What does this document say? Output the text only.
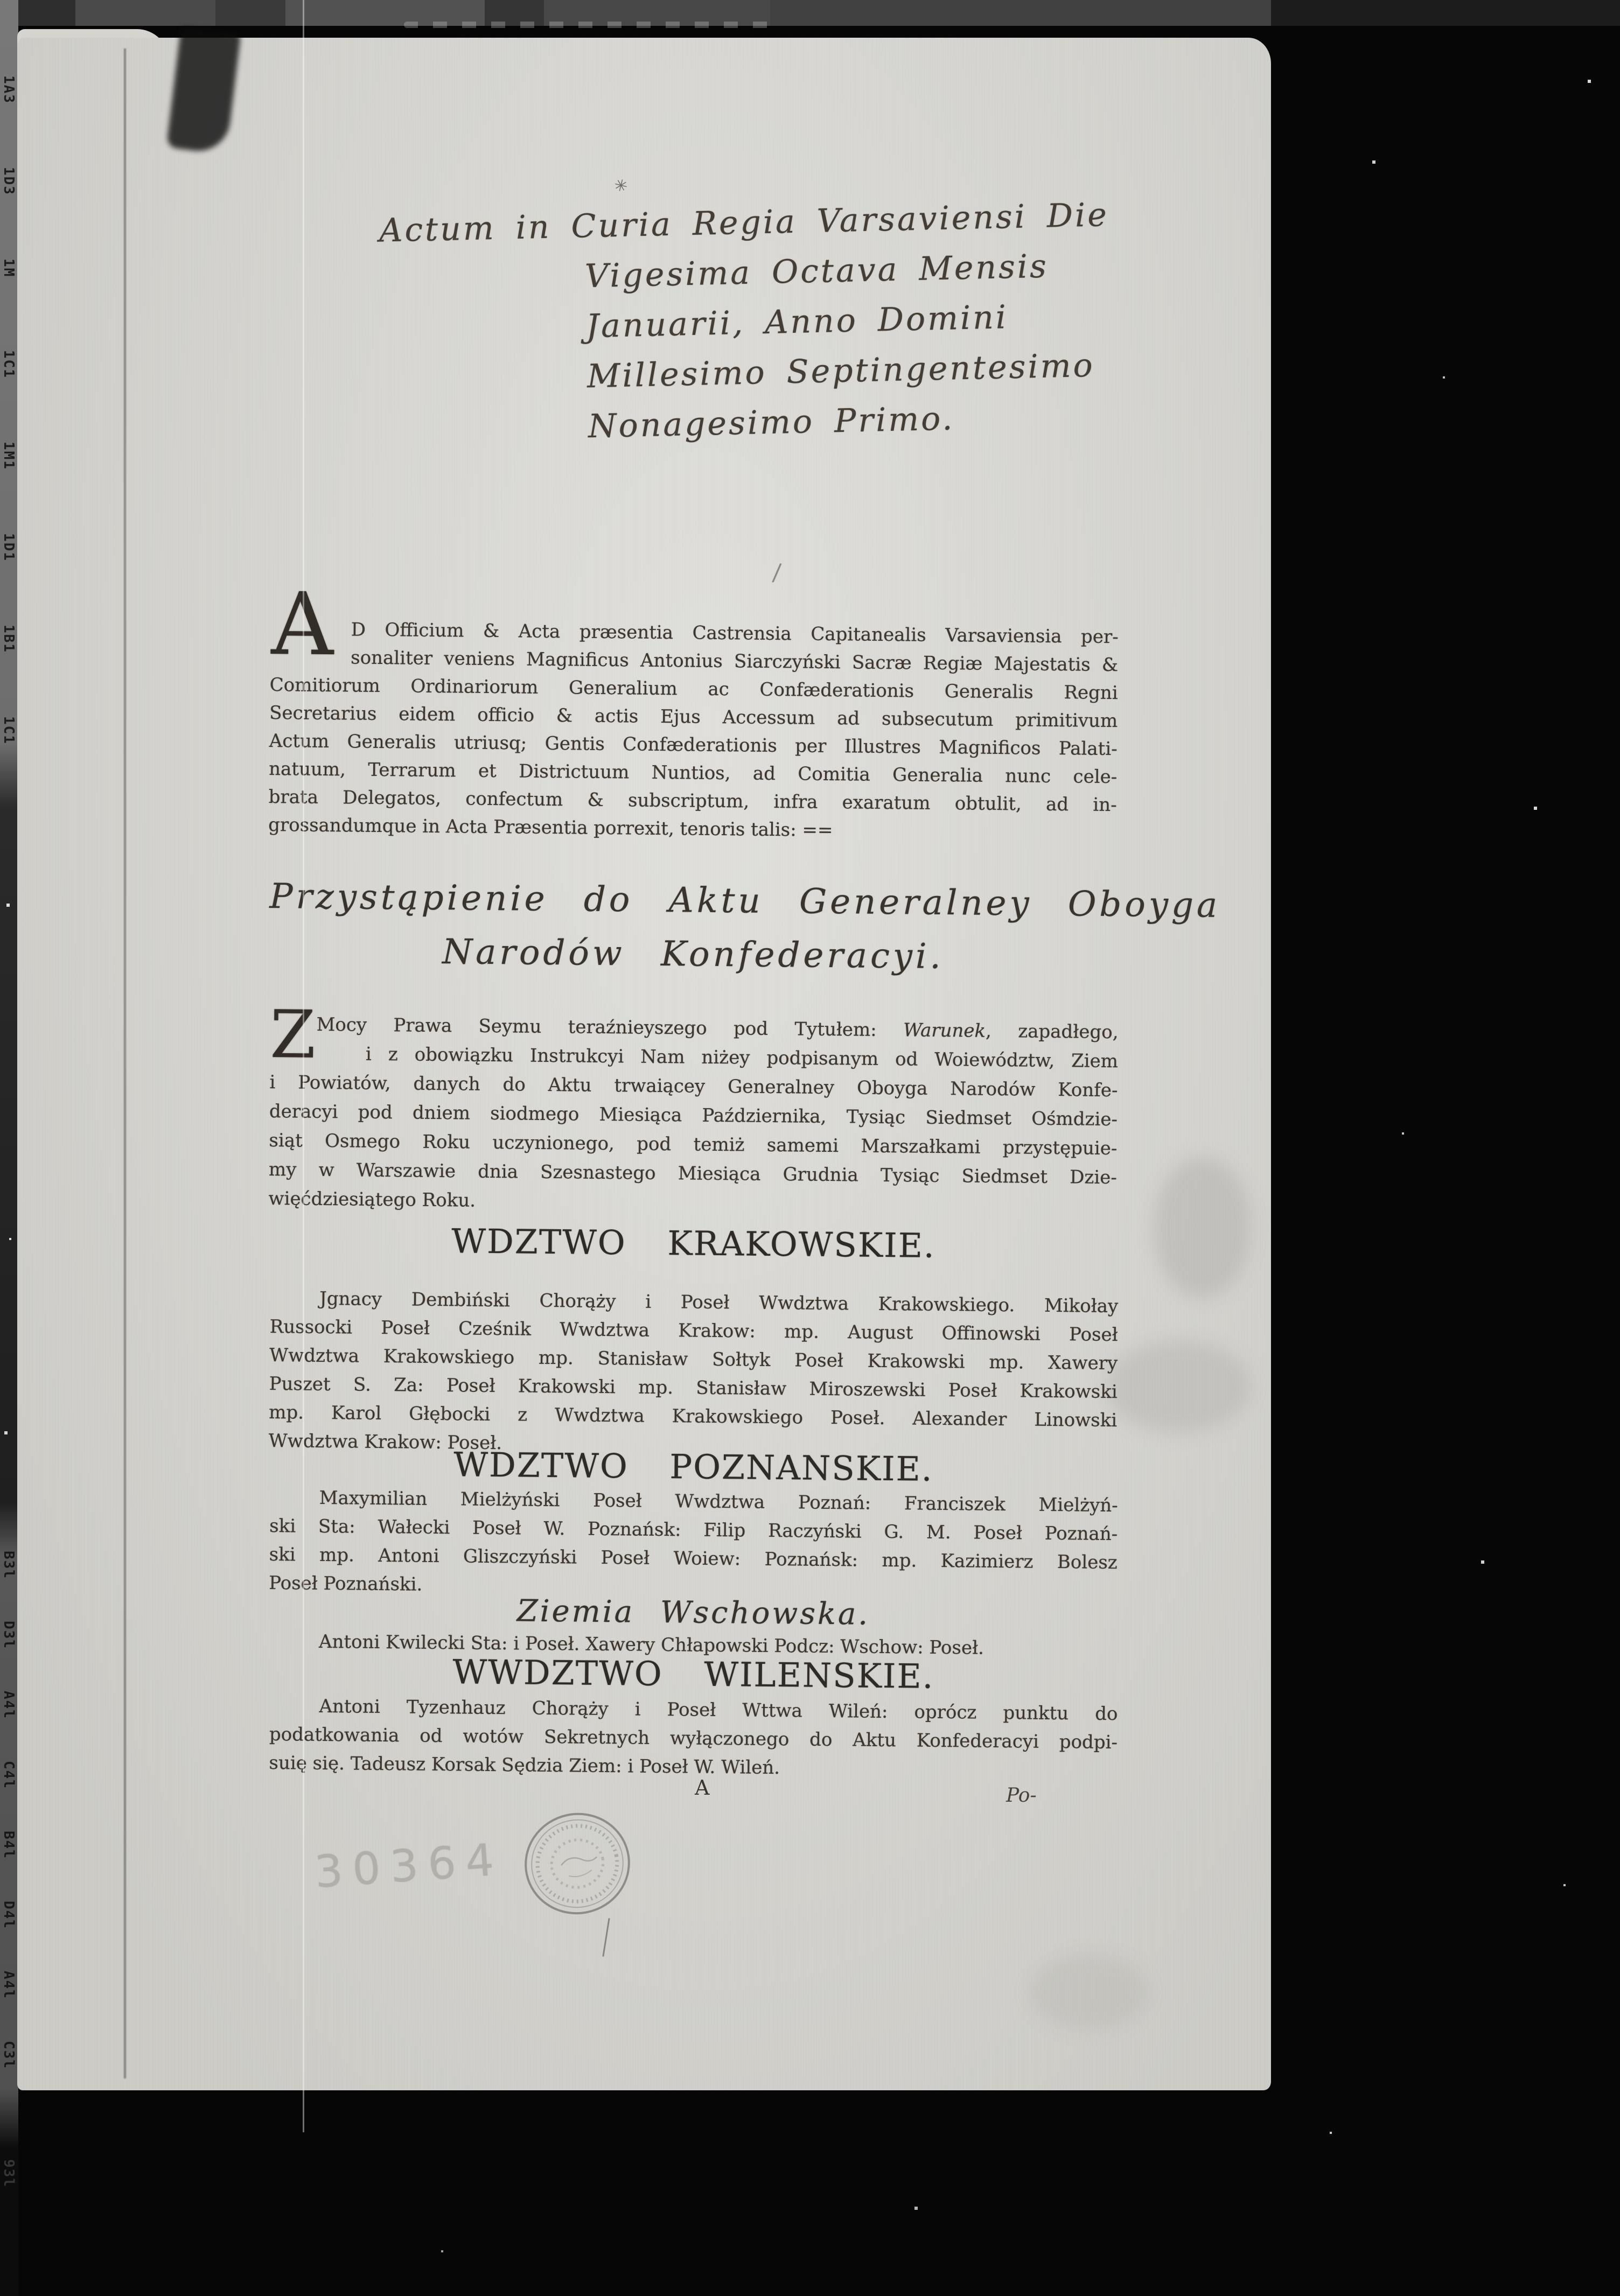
1A3
1D3
1M
1C1
1M1
1D1
1B1
1C1
B3l
D3l
A4l
C4l
B4l
D4l
A4l
C3l
93l
✳
/
Actum in Curia Regia Varsaviensi Die
Vigesima Octava Mensis
Januarii, Anno Domini
Millesimo Septingentesimo
Nonagesimo Primo.
A D Officium & Acta præsentia Castrensia Capitanealis Varsaviensia per-
sonaliter veniens Magnificus Antonius Siarczyński Sacræ Regiæ Majestatis &
Comitiorum Ordinariorum Generalium ac Confæderationis Generalis Regni
Secretarius eidem officio & actis Ejus Accessum ad subsecutum primitivum
Actum Generalis utriusq; Gentis Confæderationis per Illustres Magnificos Palati-
natuum, Terrarum et Districtuum Nuntios, ad Comitia Generalia nunc cele-
brata Delegatos, confectum & subscriptum, infra exaratum obtulit, ad in-
grossandumque in Acta Præsentia porrexit, tenoris talis: ==
Przystąpienie do Aktu Generalney Oboyga
Narodów Konfederacyi.
Z Mocy Prawa Seymu teraźnieyszego pod Tytułem: Warunek, zapadłego,
i z obowiązku Instrukcyi Nam niżey podpisanym od Woiewództw, Ziem
i Powiatów, danych do Aktu trwaiącey Generalney Oboyga Narodów Konfe-
deracyi pod dniem siodmego Miesiąca Października, Tysiąc Siedmset Ośmdzie-
siąt Osmego Roku uczynionego, pod temiż samemi Marszałkami przystępuie-
my w Warszawie dnia Szesnastego Miesiąca Grudnia Tysiąc Siedmset Dzie-
więćdziesiątego Roku.
WDZTWO KRAKOWSKIE.
Jgnacy Dembiński Chorąży i Poseł Wwdztwa Krakowskiego. Mikołay
Russocki Poseł Cześnik Wwdztwa Krakow: mp. August Offinowski Poseł
Wwdztwa Krakowskiego mp. Stanisław Sołtyk Poseł Krakowski mp. Xawery
Puszet S. Za: Poseł Krakowski mp. Stanisław Miroszewski Poseł Krakowski
mp. Karol Głębocki z Wwdztwa Krakowskiego Poseł. Alexander Linowski
Wwdztwa Krakow: Poseł.
WDZTWO POZNANSKIE.
Maxymilian Mielżyński Poseł Wwdztwa Poznań: Franciszek Mielżyń-
ski Sta: Wałecki Poseł W. Poznańsk: Filip Raczyński G. M. Poseł Poznań-
ski mp. Antoni Gliszczyński Poseł Woiew: Poznańsk: mp. Kazimierz Bolesz
Poseł Poznański.
Ziemia Wschowska.
Antoni Kwilecki Sta: i Poseł. Xawery Chłapowski Podcz: Wschow: Poseł.
WWDZTWO WILENSKIE.
Antoni Tyzenhauz Chorąży i Poseł Wttwa Wileń: oprócz punktu do
podatkowania od wotów Sekretnych wyłączonego do Aktu Konfederacyi podpi-
suię się. Tadeusz Korsak Sędzia Ziem: i Poseł W. Wileń.
A	Po-
30364
